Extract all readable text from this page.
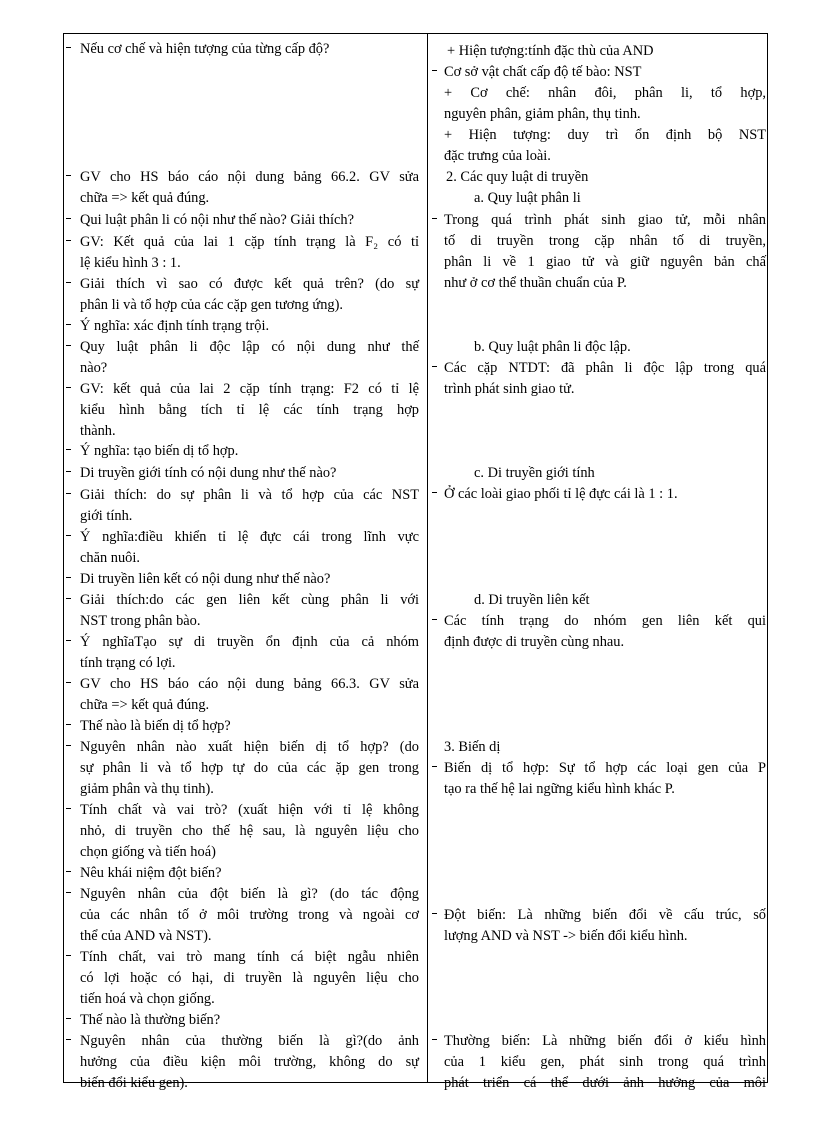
Nếu cơ chế và hiện tượng của từng cấp độ?
GV cho HS báo cáo nội dung bảng 66.2. GV sửa
chữa => kết quả đúng.
Qui luật phân li có nội như thế nào? Giải thích?
GV: Kết quả của lai 1 cặp tính trạng là F₂ có tỉ
lệ kiểu hình 3 : 1.
Giải thích vì sao có được kết quả trên? (do sự
phân li và tổ hợp của các cặp gen tương ứng).
Ý nghĩa: xác định tính trạng trội.
Quy luật phân li độc lập có nội dung như thế
nào?
GV: kết quả của lai 2 cặp tính trạng: F2 có tỉ lệ
kiểu hình bằng tích tỉ lệ các tính trạng hợp
thành.
Ý nghĩa: tạo biến dị tổ hợp.
Di truyền giới tính có nội dung như thế nào?
Giải thích: do sự phân li và tổ hợp của các NST
giới tính.
Ý nghĩa:điều khiển tỉ lệ đực cái trong lĩnh vực
chăn nuôi.
Di truyền liên kết có nội dung như thế nào?
Giải thích:do các gen liên kết cùng phân li với
NST trong phân bào.
Ý nghĩaTạo sự di truyền ổn định của cả nhóm
tính trạng có lợi.
GV cho HS báo cáo nội dung bảng 66.3. GV sửa
chữa => kết quả đúng.
Thế nào là biến dị tổ hợp?
Nguyên nhân nào xuất hiện biến dị tổ hợp? (do
sự phân li và tổ hợp tự do của các ặp gen trong
giảm phân và thụ tinh).
Tính chất và vai trò? (xuất hiện với tỉ lệ không
nhỏ, di truyền cho thế hệ sau, là nguyên liệu cho
chọn giống và tiến hoá)
Nêu khái niệm đột biến?
Nguyên nhân của đột biến là gì? (do tác động
của các nhân tố ở môi trường trong và ngoài cơ
thể của AND và NST).
Tính chất, vai trò mang tính cá biệt ngẫu nhiên
có lợi hoặc có hại, di truyền là nguyên liệu cho
tiến hoá và chọn giống.
Thế nào là thường biến?
Nguyên nhân của thường biến là gì?(do ảnh
hưởng của điều kiện môi trường, không do sự
biến đổi kiểu gen).
+ Hiện tượng:tính đặc thù của AND
Cơ sở vật chất cấp độ tế bào: NST
+ Cơ chế: nhân đôi, phân li, tổ hợp,
nguyên phân, giảm phân, thụ tinh.
+ Hiện tượng: duy trì ổn định bộ NST
đặc trưng của loài.
2. Các quy luật di truyền
a. Quy luật phân li
Trong quá trình phát sinh giao tử, mỗi nhân
tố di truyền trong cặp nhân tố di truyền,
phân li về 1 giao tử và giữ nguyên bản chấ
như ở cơ thể thuần chuẩn của P.
b. Quy luật phân li độc lập.
Các cặp NTDT: đã phân li độc lập trong quá
trình phát sinh giao tử.
c. Di truyền giới tính
Ở các loài giao phối tỉ lệ đực cái là 1 : 1.
d. Di truyền liên kết
Các tính trạng do nhóm gen liên kết qui
định được di truyền cùng nhau.
3. Biến dị
Biến dị tổ hợp: Sự tổ hợp các loại gen của P
tạo ra thế hệ lai ngững kiểu hình khác P.
Đột biến: Là những biến đổi về cấu trúc, số
lượng AND và NST -> biến đổi kiểu hình.
Thường biến: Là những biến đổi ở kiểu hình
của 1 kiểu gen, phát sinh trong quá trình
phát triển cá thể dưới ảnh hưởng của môi
